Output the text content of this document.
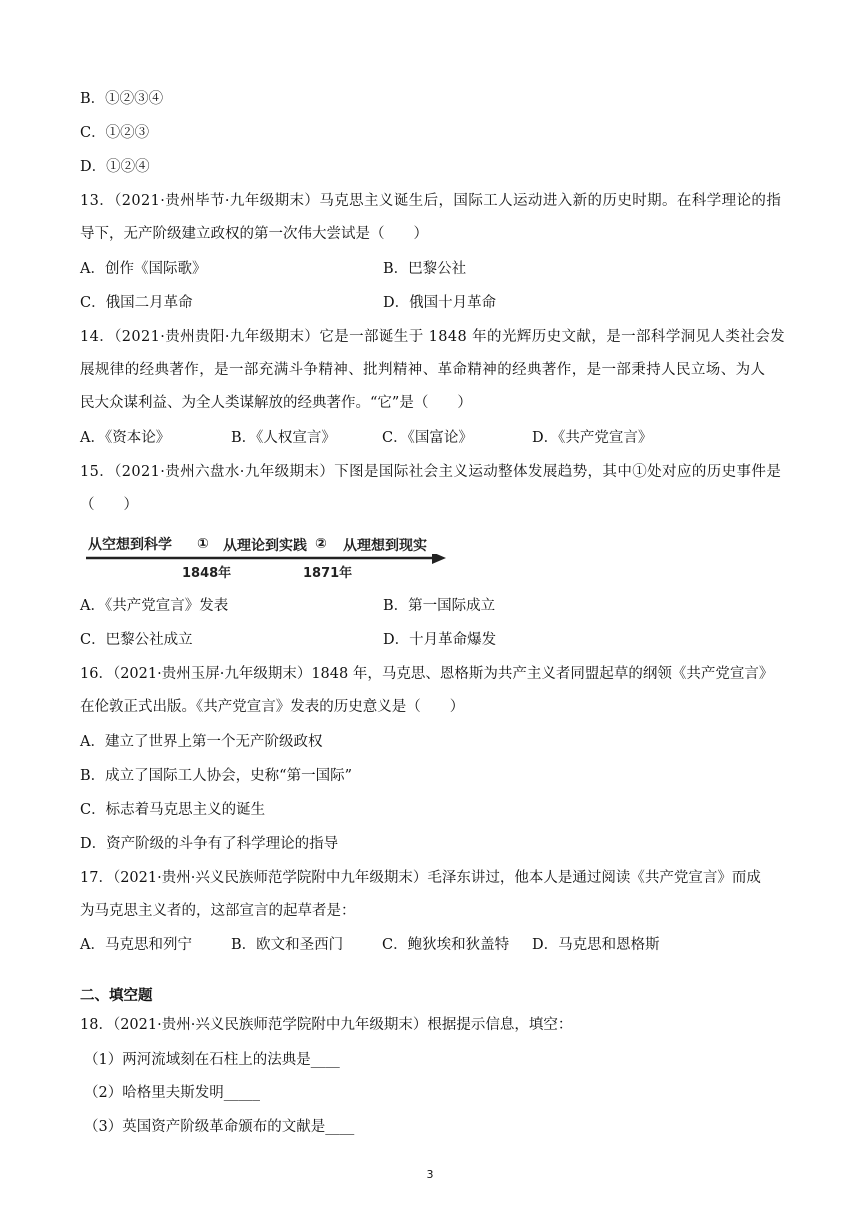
B．①②③④
C．①②③
D．①②④
13．（2021·贵州毕节·九年级期末）马克思主义诞生后，国际工人运动进入新的历史时期。在科学理论的指
导下，无产阶级建立政权的第一次伟大尝试是（　　）
A．创作《国际歌》	B．巴黎公社
C．俄国二月革命	D．俄国十月革命
14．（2021·贵州贵阳·九年级期末）它是一部诞生于 1848 年的光辉历史文献，是一部科学洞见人类社会发
展规律的经典著作，是一部充满斗争精神、批判精神、革命精神的经典著作，是一部秉持人民立场、为人
民大众谋利益、为全人类谋解放的经典著作。“它”是（　　）
A．《资本论》	B．《人权宣言》	C．《国富论》	D．《共产党宣言》
15．（2021·贵州六盘水·九年级期末）下图是国际社会主义运动整体发展趋势，其中①处对应的历史事件是
（　　）
从空想到科学 ① 从理论到实践 ② 从理想到现实
1848年	1871年
A．《共产党宣言》发表	B．第一国际成立
C．巴黎公社成立	D．十月革命爆发
16．（2021·贵州玉屏·九年级期末）1848 年，马克思、恩格斯为共产主义者同盟起草的纲领《共产党宣言》
在伦敦正式出版。《共产党宣言》发表的历史意义是（　　）
A．建立了世界上第一个无产阶级政权
B．成立了国际工人协会，史称“第一国际”
C．标志着马克思主义的诞生
D．资产阶级的斗争有了科学理论的指导
17．（2021·贵州·兴义民族师范学院附中九年级期末）毛泽东讲过，他本人是通过阅读《共产党宣言》而成
为马克思主义者的，这部宣言的起草者是：
A．马克思和列宁	B．欧文和圣西门	C．鲍狄埃和狄盖特 D．马克思和恩格斯
二、填空题
18．（2021·贵州·兴义民族师范学院附中九年级期末）根据提示信息，填空：
（1）两河流域刻在石柱上的法典是____
（2）哈格里夫斯发明_____
（3）英国资产阶级革命颁布的文献是____
3
